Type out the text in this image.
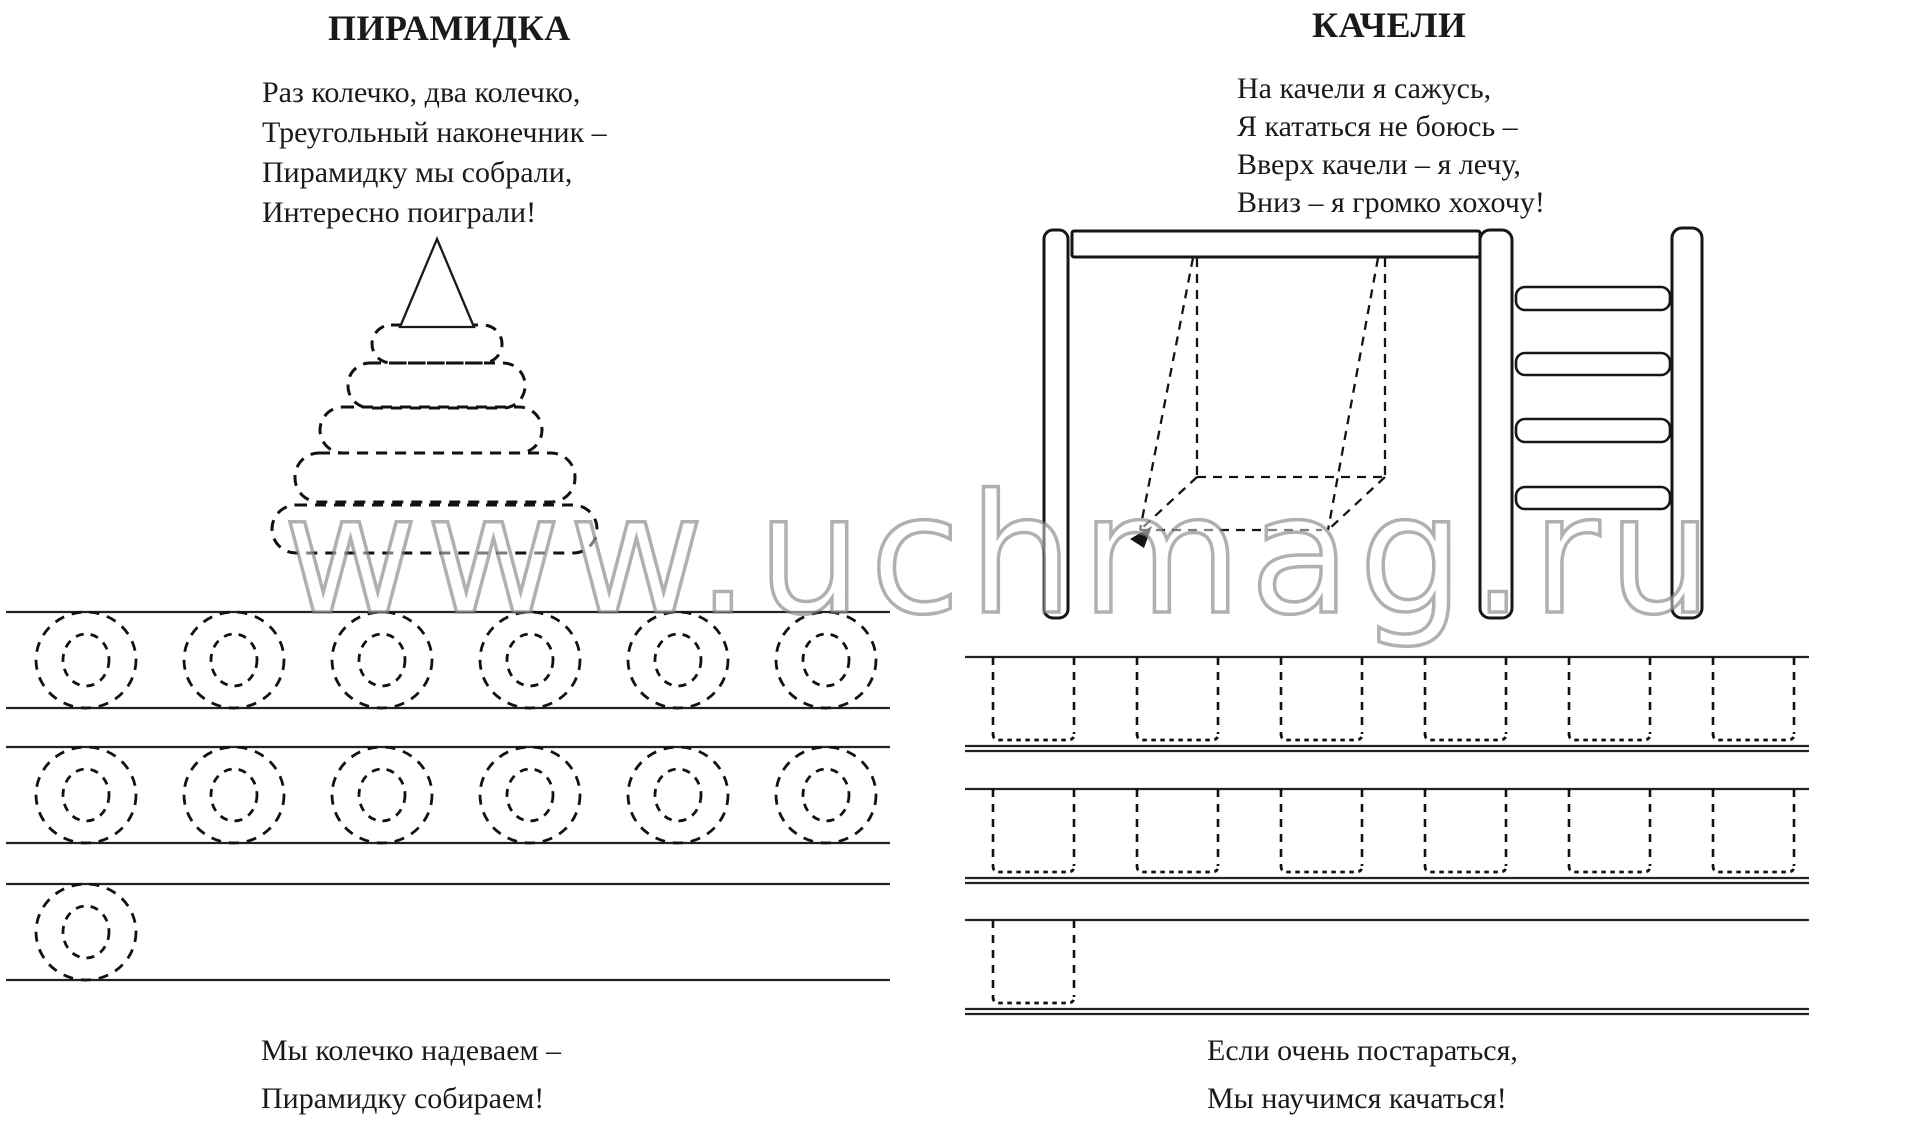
ПИРАМИДКА
Раз колечко, два колечко,
Треугольный наконечник –
Пирамидку мы собрали,
Интересно поиграли!
КАЧЕЛИ
На качели я сажусь,
Я кататься не боюсь –
Вверх качели – я лечу,
Вниз – я громко хохочу!
Мы колечко надеваем –
Пирамидку собираем!
Если очень постараться,
Мы научимся качаться!
www.uchmag.ru
